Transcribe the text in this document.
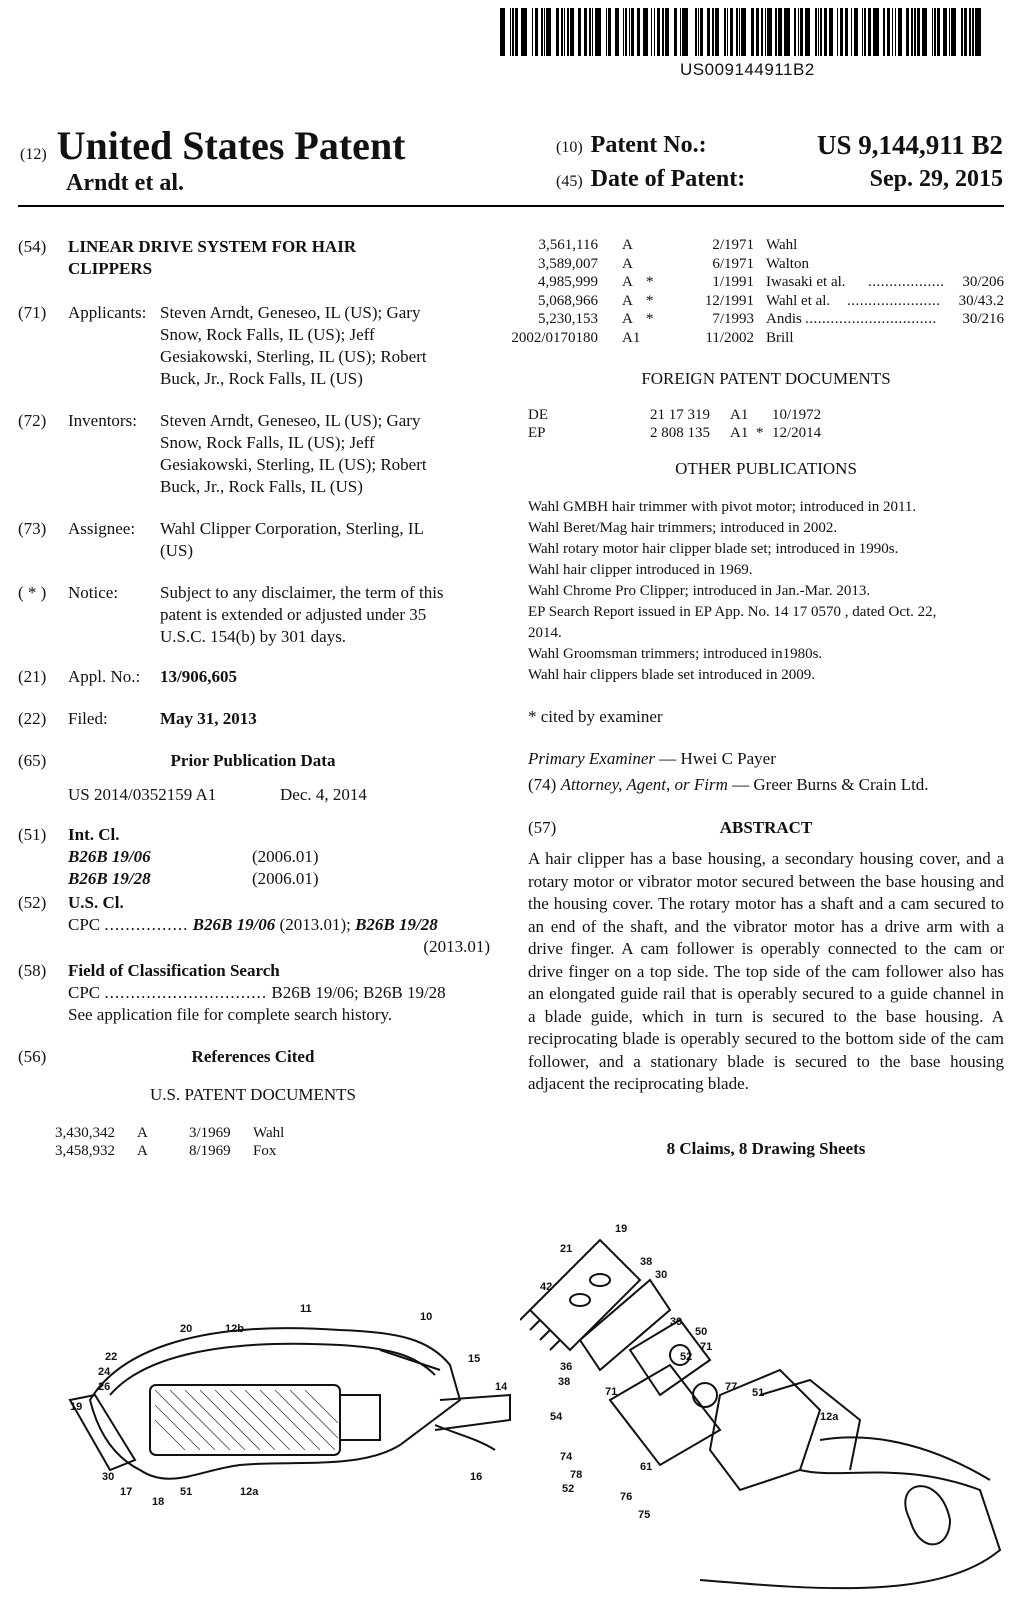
US009144911B2
(12) United States Patent
Arndt et al.
(10) Patent No.:	US 9,144,911 B2
(45) Date of Patent:	Sep. 29, 2015
(54) LINEAR DRIVE SYSTEM FOR HAIR
CLIPPERS
(71) Applicants: Steven Arndt, Geneseo, IL (US); Gary
Snow, Rock Falls, IL (US); Jeff
Gesiakowski, Sterling, IL (US); Robert
Buck, Jr., Rock Falls, IL (US)
(72) Inventors: Steven Arndt, Geneseo, IL (US); Gary
Snow, Rock Falls, IL (US); Jeff
Gesiakowski, Sterling, IL (US); Robert
Buck, Jr., Rock Falls, IL (US)
(73) Assignee: Wahl Clipper Corporation, Sterling, IL
(US)
( * ) Notice: Subject to any disclaimer, the term of this
patent is extended or adjusted under 35
U.S.C. 154(b) by 301 days.
(21) Appl. No.: 13/906,605
(22) Filed:	May 31, 2013
(65)	Prior Publication Data
US 2014/0352159 A1	Dec. 4, 2014
(51) Int. Cl.
B26B 19/06	(2006.01)
B26B 19/28	(2006.01)
(52) U.S. Cl.
CPC ................ B26B 19/06 (2013.01); B26B 19/28
(2013.01)
(58) Field of Classification Search
CPC ............................... B26B 19/06; B26B 19/28
See application file for complete search history.
(56)	References Cited
U.S. PATENT DOCUMENTS
3,430,342 A	3/1969 Wahl
3,458,932 A	8/1969 Fox
3,561,116 A	2/1971 Wahl
3,589,007 A	6/1971 Walton
4,985,999 A *	1/1991 Iwasaki et al. .................. 30/206
5,068,966 A *	12/1991 Wahl et al. ...................... 30/43.2
5,230,153 A *	7/1993 Andis ............................... 30/216
2002/0170180 A1	11/2002 Brill
FOREIGN PATENT DOCUMENTS
DE	21 17 319 A1 10/1972
EP	2 808 135 A1 * 12/2014
OTHER PUBLICATIONS
Wahl GMBH hair trimmer with pivot motor; introduced in 2011.
Wahl Beret/Mag hair trimmers; introduced in 2002.
Wahl rotary motor hair clipper blade set; introduced in 1990s.
Wahl hair clipper introduced in 1969.
Wahl Chrome Pro Clipper; introduced in Jan.-Mar. 2013.
EP Search Report issued in EP App. No. 14 17 0570 , dated Oct. 22,
2014.
Wahl Groomsman trimmers; introduced in1980s.
Wahl hair clippers blade set introduced in 2009.
* cited by examiner
Primary Examiner — Hwei C Payer
(74) Attorney, Agent, or Firm — Greer Burns & Crain Ltd.
(57)	ABSTRACT
A hair clipper has a base housing, a secondary housing cover, and a rotary motor or vibrator motor secured between the base housing and the housing cover. The rotary motor has a shaft and a cam secured to an end of the shaft, and the vibrator motor has a drive arm with a drive finger. A cam follower is operably connected to the cam or drive finger on a top side. The top side of the cam follower also has an elongated guide rail that is operably secured to a guide channel in a blade guide, which in turn is secured to the base housing. A reciprocating blade is operably secured to the bottom side of the cam follower, and a stationary blade is secured to the base housing adjacent the reciprocating blade.
8 Claims, 8 Drawing Sheets
11
10
20	12b
22
24
26
15
14
19
30
17
18
51	12a
16
19
21
42
38
30
39
50
71
52
36
38
71	77 51
12a
54
74
78
61
52
76
75
